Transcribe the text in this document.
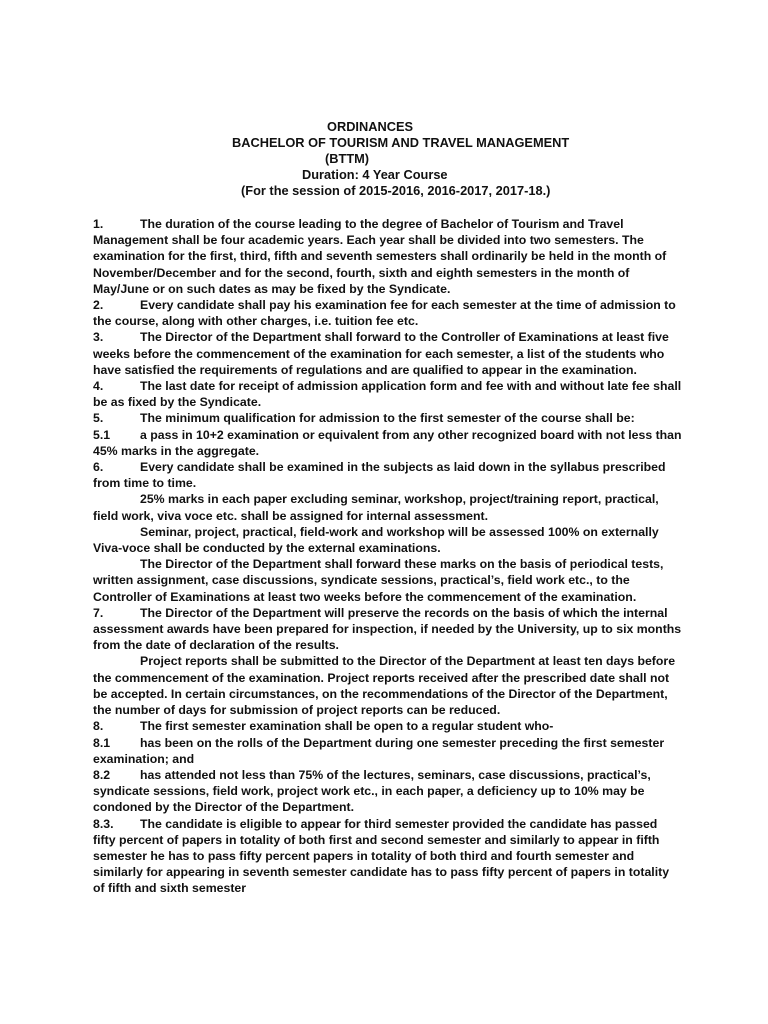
ORDINANCES
BACHELOR OF TOURISM AND TRAVEL MANAGEMENT
(BTTM)
Duration: 4 Year Course
(For the session of 2015-2016, 2016-2017, 2017-18.)

1.	The duration of the course leading to the degree of Bachelor of Tourism and Travel Management shall be four academic years. Each year shall be divided into two semesters. The examination for the first, third, fifth and seventh semesters shall ordinarily be held in the month of November/December and for the second, fourth, sixth and eighth semesters in the month of May/June or on such dates as may be fixed by the Syndicate.

2.	Every candidate shall pay his examination fee for each semester at the time of admission to the course, along with other charges, i.e. tuition fee etc.

3.	The Director of the Department shall forward to the Controller of Examinations at least five weeks before the commencement of the examination for each semester, a list of the students who have satisfied the requirements of regulations and are qualified to appear in the examination.

4.	The last date for receipt of admission application form and fee with and without late fee shall be as fixed by the Syndicate.

5.	The minimum qualification for admission to the first semester of the course shall be:

5.1 a pass in 10+2 examination or equivalent from any other recognized board with not less than 45% marks in the aggregate.

6.	Every candidate shall be examined in the subjects as laid down in the syllabus prescribed from time to time.

25% marks in each paper excluding seminar, workshop, project/training report, practical, field work, viva voce etc. shall be assigned for internal assessment.

Seminar, project, practical, field-work and workshop will be assessed 100% on externally Viva-voce shall be conducted by the external examinations.

The Director of the Department shall forward these marks on the basis of periodical tests, written assignment, case discussions, syndicate sessions, practical’s, field work etc., to the Controller of Examinations at least two weeks before the commencement of the examination.

7.	The Director of the Department will preserve the records on the basis of which the internal assessment awards have been prepared for inspection, if needed by the University, up to six months from the date of declaration of the results.

Project reports shall be submitted to the Director of the Department at least ten days before the commencement of the examination. Project reports received after the prescribed date shall not be accepted. In certain circumstances, on the recommendations of the Director of the Department, the number of days for submission of project reports can be reduced.

8.	The first semester examination shall be open to a regular student who-

8.1 has been on the rolls of the Department during one semester preceding the first semester examination; and

8.2 has attended not less than 75% of the lectures, seminars, case discussions, practical’s, syndicate sessions, field work, project work etc., in each paper, a deficiency up to 10% may be condoned by the Director of the Department.

8.3. The candidate is eligible to appear for third semester provided the candidate has passed fifty percent of papers in totality of both first and second semester and similarly to appear in fifth semester he has to pass fifty percent papers in totality of both third and fourth semester and similarly for appearing in seventh semester candidate has to pass fifty percent of papers in totality of fifth and sixth semester
